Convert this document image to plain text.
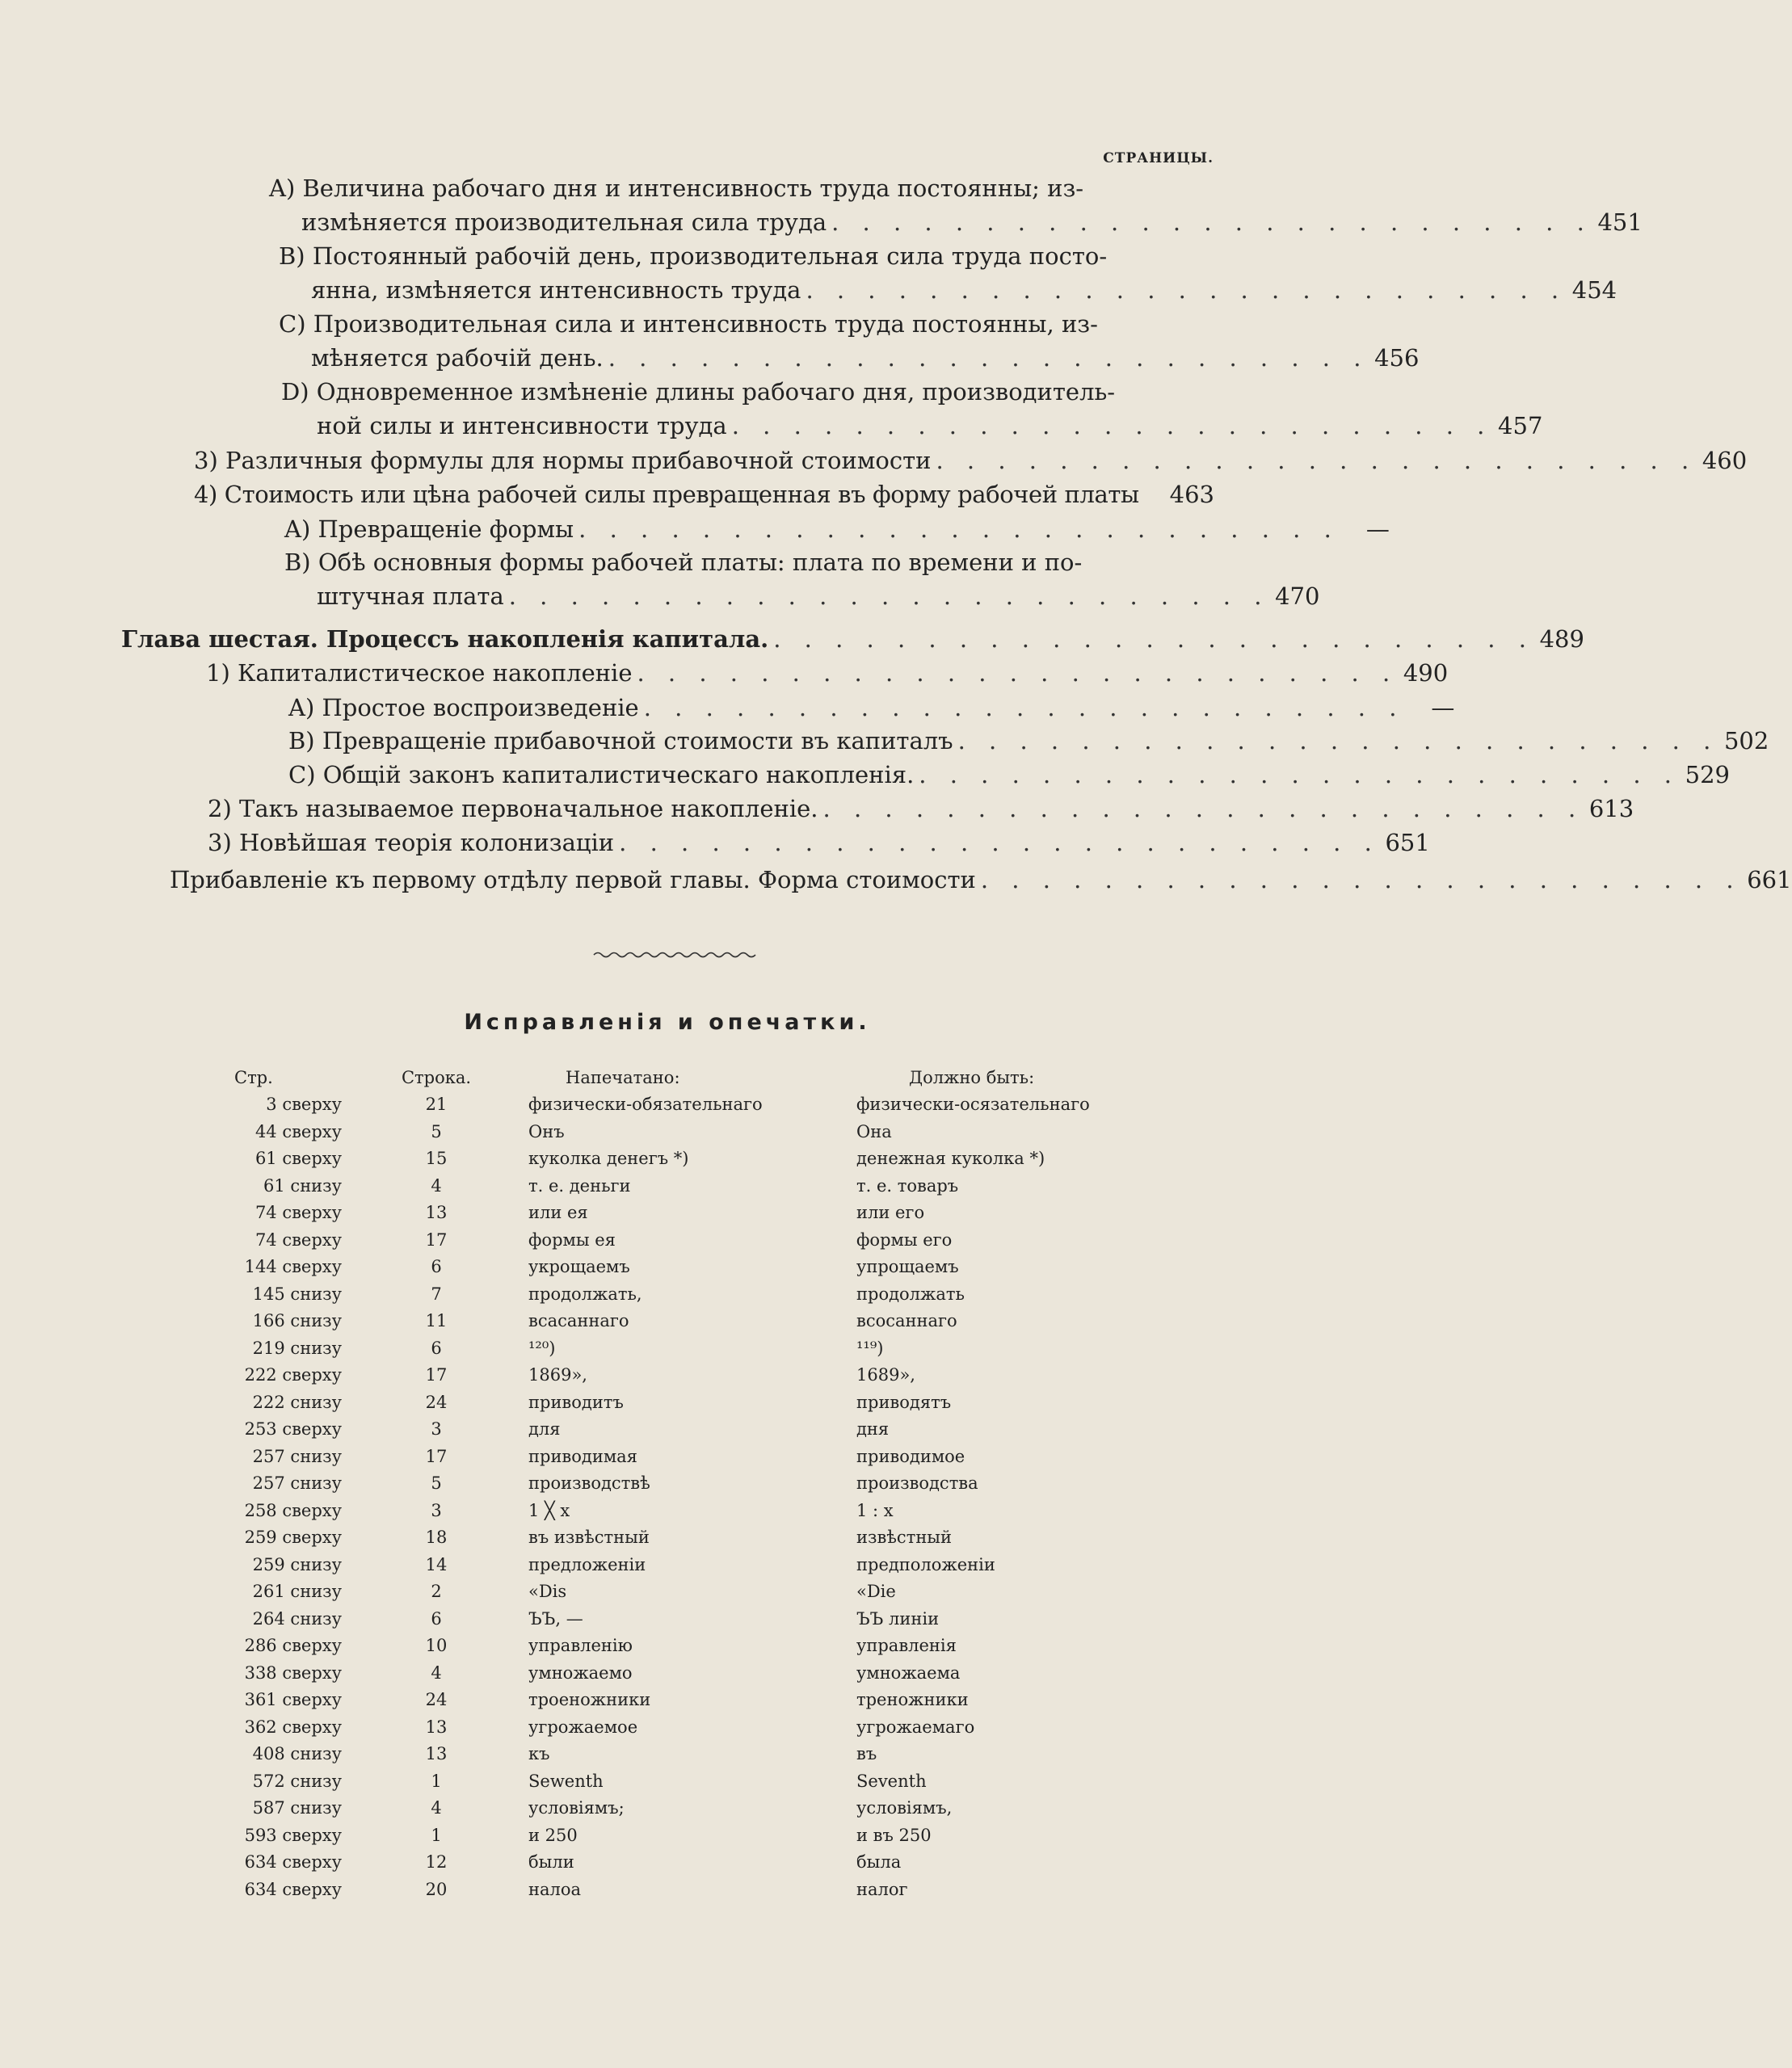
СТРАНИЦЫ.
A) Величина рабочаго дня и интенсивность труда постоянны; из-
измѣняется производительная сила труда . . . . . . . . . . . . . . . . . . . . . . . . . 451
B) Постоянный рабочій день, производительная сила труда посто-
янна, измѣняется интенсивность труда . . . . . . . . . . . . . . . . . . . . . . . . . 454
C) Производительная сила и интенсивность труда постоянны, из-
мѣняется рабочій день. . . . . . . . . . . . . . . . . . . . . . . . . . 456
D) Одновременное измѣненіе длины рабочаго дня, производитель-
ной силы и интенсивности труда . . . . . . . . . . . . . . . . . . . . . . . . . 457
3) Различныя формулы для нормы прибавочной стоимости . . . . . . . . . . . . . . . . . . . . . . . . . 460
4) Стоимость или цѣна рабочей силы превращенная въ форму рабочей платы 463
A) Превращеніе формы . . . . . . . . . . . . . . . . . . . . . . . . .	—
B) Обѣ основныя формы рабочей платы: плата по времени и по-
штучная плата . . . . . . . . . . . . . . . . . . . . . . . . . 470
Глава шестая. Процессъ накопленія капитала. . . . . . . . . . . . . . . . . . . . . . . . . . 489
1) Капиталистическое накопленіе . . . . . . . . . . . . . . . . . . . . . . . . . 490
A) Простое воспроизведеніе . . . . . . . . . . . . . . . . . . . . . . . . .	—
B) Превращеніе прибавочной стоимости въ капиталъ . . . . . . . . . . . . . . . . . . . . . . . . . 502
C) Общій законъ капиталистическаго накопленія. . . . . . . . . . . . . . . . . . . . . . . . . . 529
2) Такъ называемое первоначальное накопленіе. . . . . . . . . . . . . . . . . . . . . . . . . . 613
3) Новѣйшая теорія колонизаціи . . . . . . . . . . . . . . . . . . . . . . . . . 651
Прибавленіе къ первому отдѣлу первой главы. Форма стоимости . . . . . . . . . . . . . . . . . . . . . . . . . 661
Исправленія и опечатки.
Стр.	Строка.	Напечатано:	Должно быть:
3 сверху	21	физически-обязательнаго	физически-осязательнаго
44 сверху	5	Онъ	Она
61 сверху	15	куколка денегъ *)	денежная куколка *)
61 снизу	4	т. е. деньги	т. е. товаръ
74 сверху	13	или ея	или его
74 сверху	17	формы ея	формы его
144 сверху	6	укрощаемъ	упрощаемъ
145 снизу	7	продолжать,	продолжать
166 снизу	11	всасаннаго	всосаннаго
219 снизу	6	¹²⁰)	¹¹⁹)
222 сверху	17	1869»,	1689»,
222 снизу	24	приводитъ	приводятъ
253 сверху	3	для	дня
257 снизу	17	приводимая	приводимое
257 снизу	5	производствѣ	производства
258 сверху	3	1 ╳ x	1 : x
259 сверху	18	въ извѣстный	извѣстный
259 снизу	14	предложеніи	предположеніи
261 снизу	2	«Dis	«Die
264 снизу	6	ЪЪ, —	ЪЪ линіи
286 сверху	10	управленію	управленія
338 сверху	4	умножаемо	умножаема
361 сверху	24	троеножники	треножники
362 сверху	13	угрожаемое	угрожаемаго
408 снизу	13	къ	въ
572 снизу	1	Sewenth	Seventh
587 снизу	4	условіямъ;	условіямъ,
593 сверху	1	и 250	и въ 250
634 сверху	12	были	была
634 сверху	20	налоа	налог
